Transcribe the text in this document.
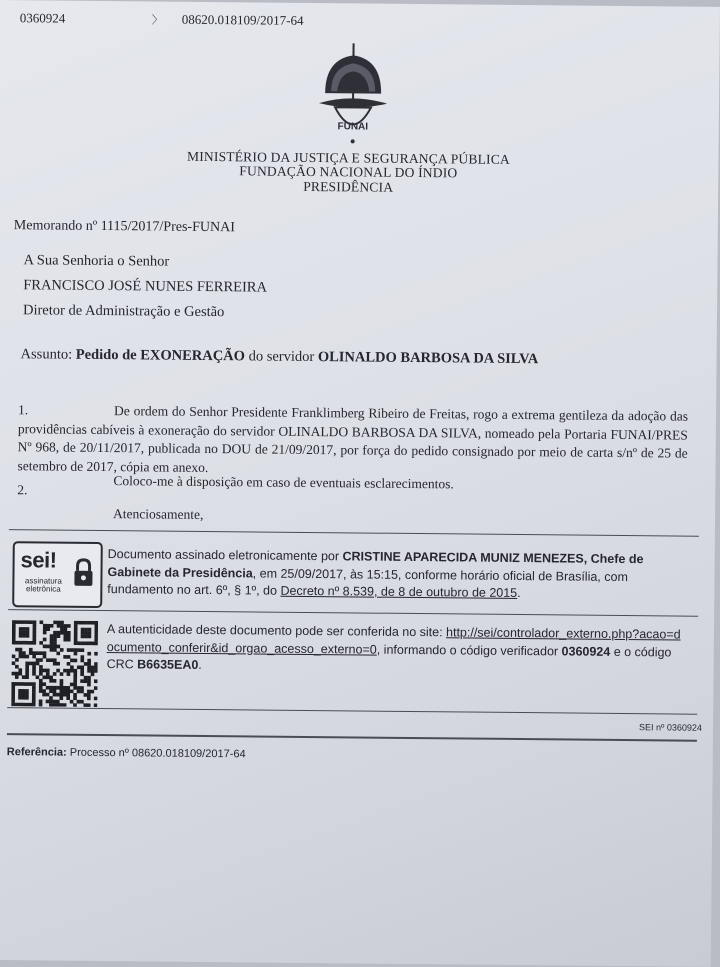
0360924	〉 08620.018109/2017-64
FUNAI
MINISTÉRIO DA JUSTIÇA E SEGURANÇA PÚBLICA
FUNDAÇÃO NACIONAL DO ÍNDIO
PRESIDÊNCIA
Memorando nº 1115/2017/Pres-FUNAI
A Sua Senhoria o Senhor
FRANCISCO JOSÉ NUNES FERREIRA
Diretor de Administração e Gestão
Assunto: Pedido de EXONERAÇÃO do servidor OLINALDO BARBOSA DA SILVA
1.	De ordem do Senhor Presidente Franklimberg Ribeiro de Freitas, rogo a extrema gentileza da adoção das providências cabíveis à exoneração do servidor OLINALDO BARBOSA DA SILVA, nomeado pela Portaria FUNAI/PRES Nº 968, de 20/11/2017, publicada no DOU de 21/09/2017, por força do pedido consignado por meio de carta s/nº de 25 de setembro de 2017, cópia em anexo.
2.	Coloco-me à disposição em caso de eventuais esclarecimentos.
Atenciosamente,
sei!
assinatura
eletrônica
Documento assinado eletronicamente por CRISTINE APARECIDA MUNIZ MENEZES, Chefe de Gabinete da Presidência, em 25/09/2017, às 15:15, conforme horário oficial de Brasília, com fundamento no art. 6º, § 1º, do Decreto nº 8.539, de 8 de outubro de 2015.
A autenticidade deste documento pode ser conferida no site: http://sei/controlador_externo.php?acao=documento_conferir&id_orgao_acesso_externo=0, informando o código verificador 0360924 e o código CRC B6635EA0.
SEI nº 0360924
Referência: Processo nº 08620.018109/2017-64
